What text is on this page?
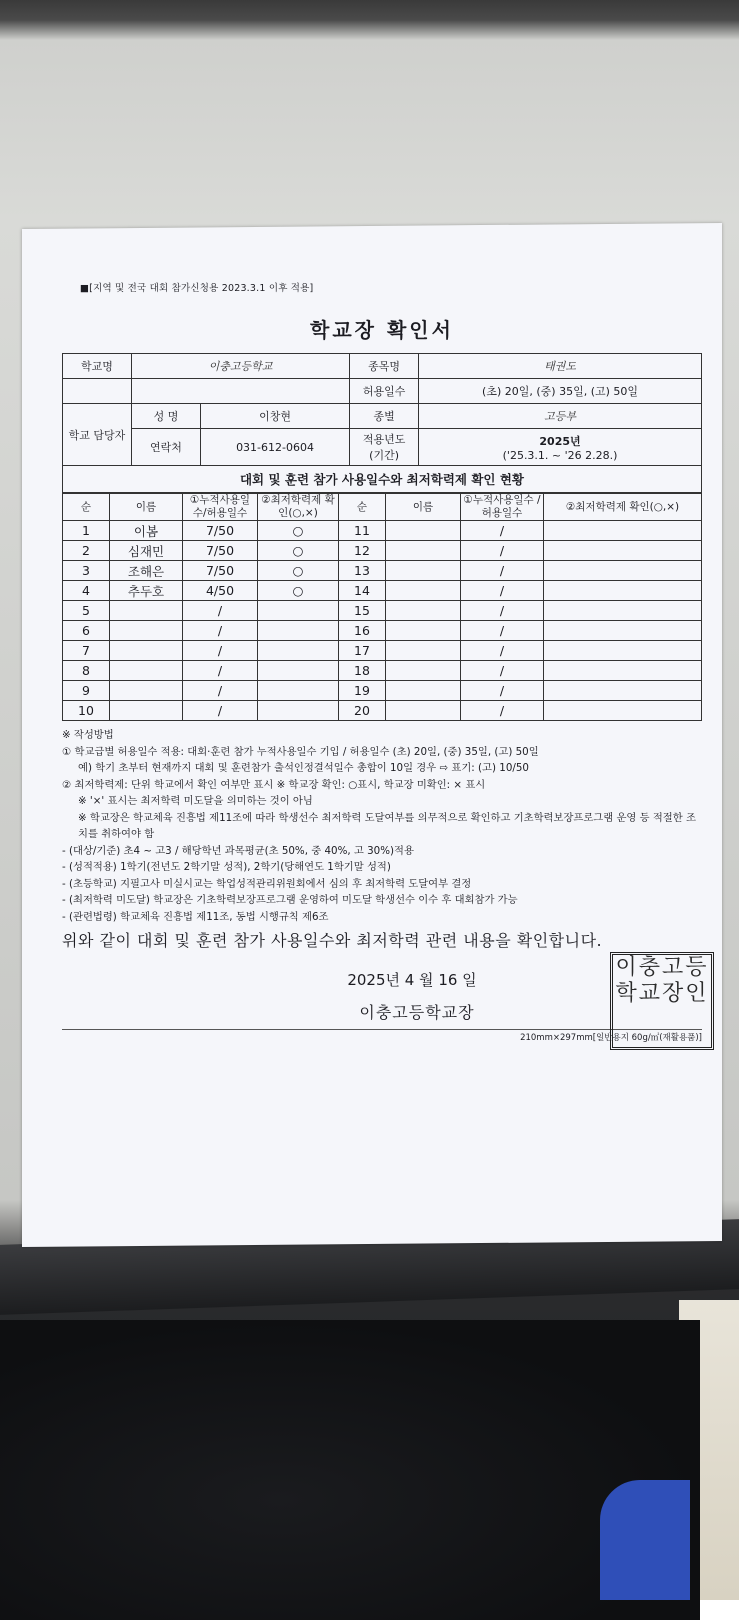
■[지역 및 전국 대회 참가신청용 2023.3.1 이후 적용]
학교장 확인서
학교명	이충고등학교		종목명	태권도
			허용일수	(초) 20일, (중) 35일, (고) 50일
학교 담당자	성 명	이창현	종별	고등부
	연락처	031-612-0604	적용년도 (기간)	2025년
('25.3.1. ~ '26 2.28.)
대회 및 훈련 참가 사용일수와 최저학력제 확인 현황
순	이름	①누적사용일수/허용일수	②최저학력제 확인(○,×)	순	이름	①누적사용일수 /허용일수	②최저학력제 확인(○,×)
1	이봄	7/50	○	11		/	
2	심재민	7/50	○	12		/	
3	조해은	7/50	○	13		/	
4	추두호	4/50	○	14		/	
5		/		15		/	
6		/		16		/	
7		/		17		/	
8		/		18		/	
9		/		19		/	
10		/		20		/	
※ 작성방법
① 학교급별 허용일수 적용: 대회·훈련 참가 누적사용일수 기입 / 허용일수 (초) 20일, (중) 35일, (고) 50일
예) 학기 초부터 현재까지 대회 및 훈련참가 출석인정결석일수 총합이 10일 경우 ⇨ 표기: (고) 10/50
② 최저학력제: 단위 학교에서 확인 여부만 표시 ※ 학교장 확인: ○표시, 학교장 미확인: × 표시
※ '×' 표시는 최저학력 미도달을 의미하는 것이 아님
※ 학교장은 학교체육 진흥법 제11조에 따라 학생선수 최저학력 도달여부를 의무적으로 확인하고 기초학력보장프로그램 운영 등 적절한 조치를 취하여야 함
- (대상/기준) 초4 ~ 고3 / 해당학년 과목평균(초 50%, 중 40%, 고 30%)적용
- (성적적용) 1학기(전년도 2학기말 성적), 2학기(당해연도 1학기말 성적)
- (초등학교) 지필고사 미실시교는 학업성적관리위원회에서 심의 후 최저학력 도달여부 결정
- (최저학력 미도달) 학교장은 기초학력보장프로그램 운영하여 미도달 학생선수 이수 후 대회참가 가능
- (관련법령) 학교체육 진흥법 제11조, 동법 시행규칙 제6조
위와 같이 대회 및 훈련 참가 사용일수와 최저학력 관련 내용을 확인합니다.
2025년 4 월 16 일
이충고등학교장
이충고등
학교장인
210mm×297mm[일반용지 60g/㎡(재활용품)]
